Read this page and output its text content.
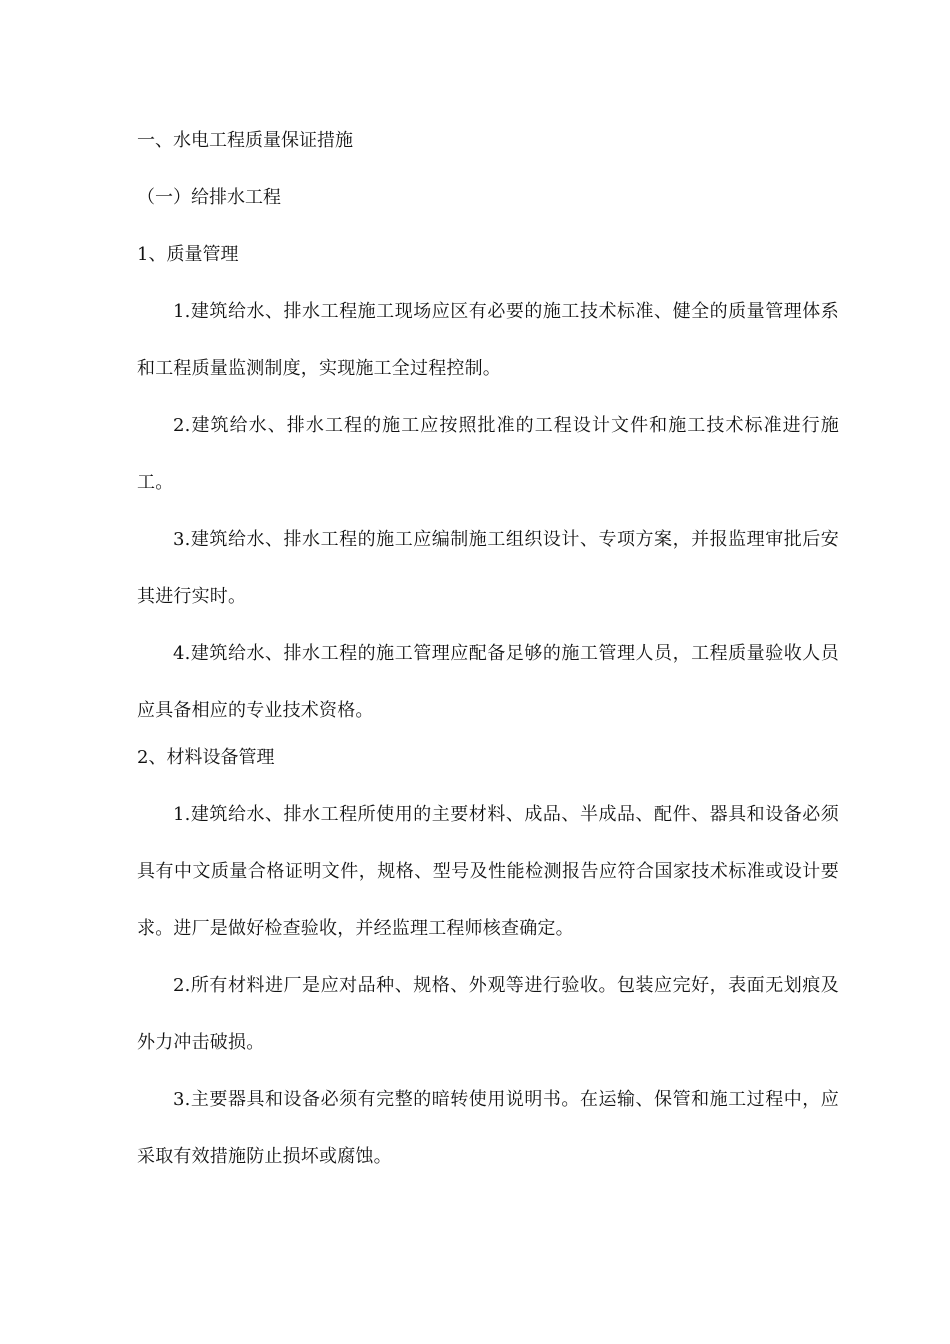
一、水电工程质量保证措施
（一）给排水工程
1、质量管理

1.建筑给水、排水工程施工现场应区有必要的施工技术标准、健全的质量管理体系和工程质量监测制度，实现施工全过程控制。

2.建筑给水、排水工程的施工应按照批准的工程设计文件和施工技术标准进行施工。

3.建筑给水、排水工程的施工应编制施工组织设计、专项方案，并报监理审批后安其进行实时。

4.建筑给水、排水工程的施工管理应配备足够的施工管理人员，工程质量验收人员应具备相应的专业技术资格。

2、材料设备管理

1.建筑给水、排水工程所使用的主要材料、成品、半成品、配件、器具和设备必须具有中文质量合格证明文件，规格、型号及性能检测报告应符合国家技术标准或设计要求。进厂是做好检查验收，并经监理工程师核查确定。

2.所有材料进厂是应对品种、规格、外观等进行验收。包装应完好，表面无划痕及外力冲击破损。

3.主要器具和设备必须有完整的暗转使用说明书。在运输、保管和施工过程中，应采取有效措施防止损坏或腐蚀。
